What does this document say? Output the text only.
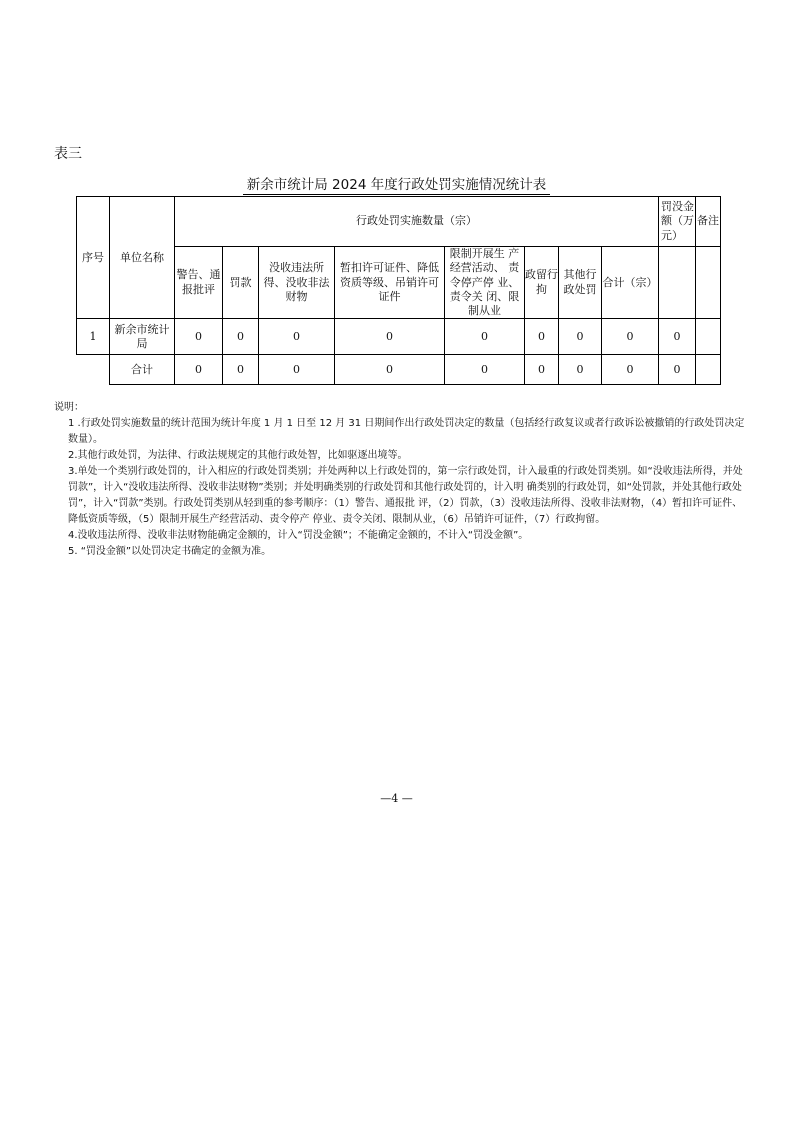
表三
新余市统计局 2024 年度行政处罚实施情况统计表
序号	单位名称	行政处罚实施数量（宗）								罚没金额（万元）	备注
		警告、通报批评	罚款	没收违法所得、没收非法财物	暂扣许可证件、降低资质等级、吊销许可证件	限制开展生 产经营活动、 责令停产停 业、责令关 闭、限制从业	政留行拘	其他行政处罚	合计（宗）		
1	新余市统计局	0	0	0	0	0	0	0	0	0	
	合计	0	0	0	0	0	0	0	0	0	

说明：

1 .行政处罚实施数量的统计范围为统计年度 1 月 1 日至 12 月 31 日期间作出行政处罚决定的数量（包括经行政复议或者行政诉讼被撤销的行政处罚决定数量）。

2.其他行政处罚，为法律、行政法规规定的其他行政处智，比如驱逐出境等。

3.单处一个类别行政处罚的，计入相应的行政处罚类别；并处两种以上行政处罚的，第一宗行政处罚，计入最重的行政处罚类别。如“没收违法所得，并处罚款”，计入“没收违法所得、没收非法财物”类别；并处明确类别的行政处罚和其他行政处罚的，计入明 确类别的行政处罚，如“处罚款，并处其他行政处罚”，计入“罚款”类别。行政处罚类别从轻到重的参考顺序：（1）警告、通报批 评，（2）罚款，（3）没收违法所得、没收非法财物，（4）暂扣许可证件、降低资质等级，（5）限制开展生产经营活动、责令停产 停业、责令关闭、限制从业，（6）吊销许可证件，（7）行政拘留。

4.没收违法所得、没收非法财物能确定金额的，计入“罚没金额”；不能确定金额的，不计入“罚没金额”。

5. “罚没金额”以处罚决定书确定的金额为准。

—4 —
